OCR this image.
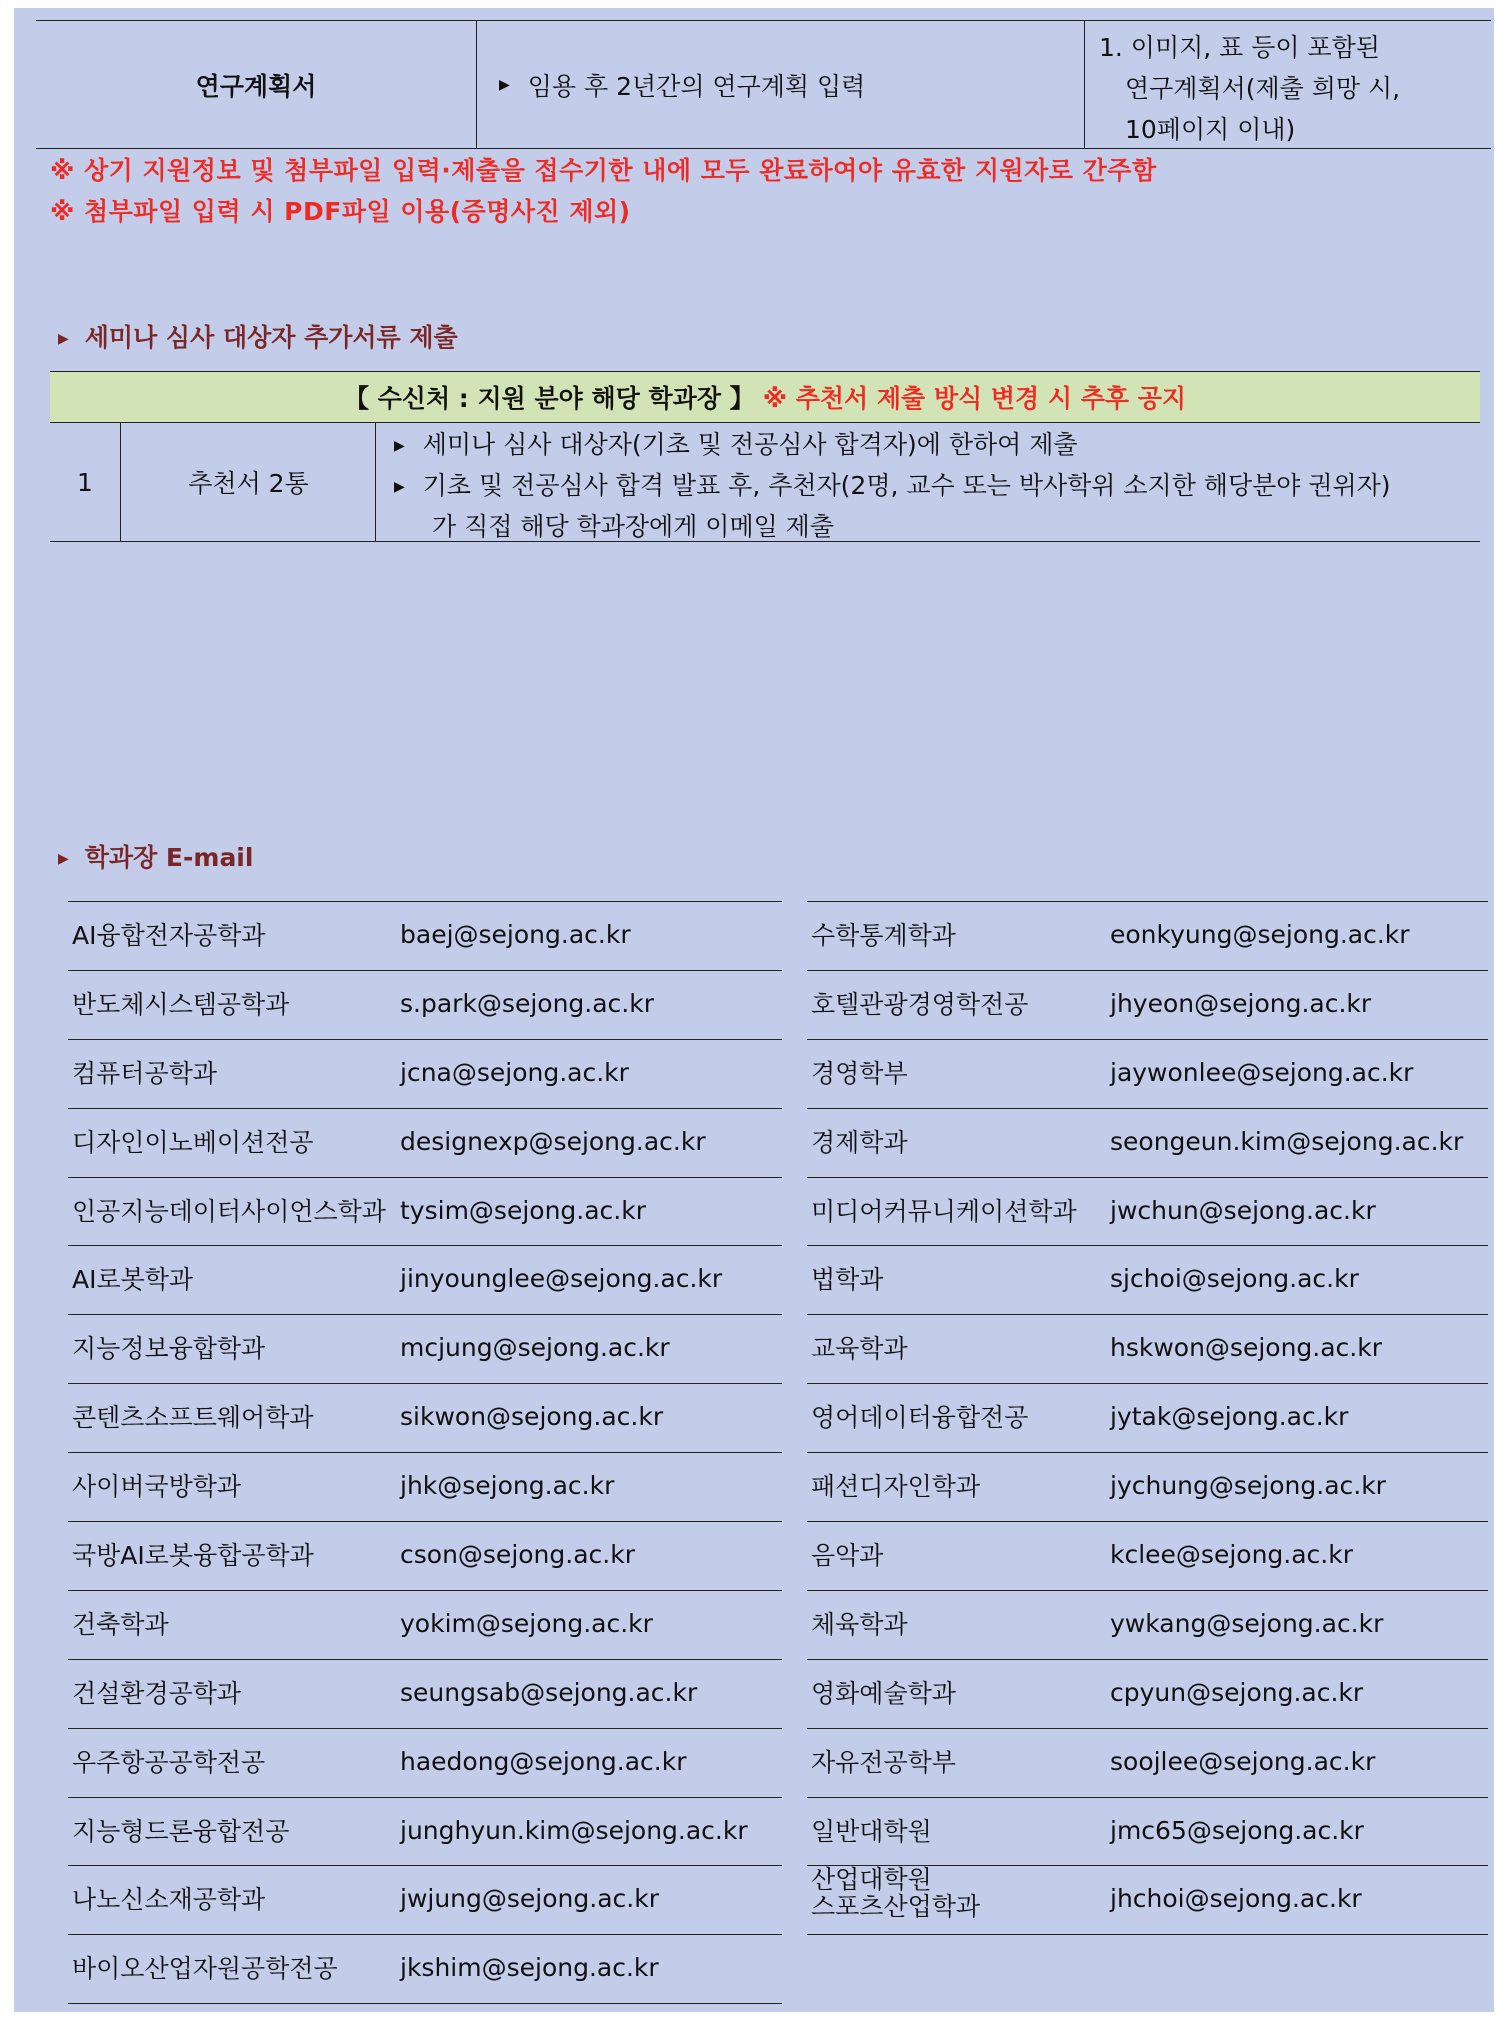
연구계획서	▶ 임용 후 2년간의 연구계획 입력
1. 이미지, 표 등이 포함된
연구계획서(제출 희망 시,
10페이지 이내)
※ 상기 지원정보 및 첨부파일 입력·제출을 접수기한 내에 모두 완료하여야 유효한 지원자로 간주함
※ 첨부파일 입력 시 PDF파일 이용(증명사진 제외)
▶ 세미나 심사 대상자 추가서류 제출
【 수신처 : 지원 분야 해당 학과장 】 ※ 추천서 제출 방식 변경 시 추후 공지
1	추천서 2통
▶ 세미나 심사 대상자(기초 및 전공심사 합격자)에 한하여 제출
▶ 기초 및 전공심사 합격 발표 후, 추천자(2명, 교수 또는 박사학위 소지한 해당분야 권위자)
가 직접 해당 학과장에게 이메일 제출
▶ 학과장 E-mail
AI융합전자공학과	baej@sejong.ac.kr
반도체시스템공학과	s.park@sejong.ac.kr
컴퓨터공학과	jcna@sejong.ac.kr
디자인이노베이션전공	designexp@sejong.ac.kr
인공지능데이터사이언스학과 tysim@sejong.ac.kr
AI로봇학과	jinyounglee@sejong.ac.kr
지능정보융합학과	mcjung@sejong.ac.kr
콘텐츠소프트웨어학과	sikwon@sejong.ac.kr
사이버국방학과	jhk@sejong.ac.kr
국방AI로봇융합공학과	cson@sejong.ac.kr
건축학과	yokim@sejong.ac.kr
건설환경공학과	seungsab@sejong.ac.kr
우주항공공학전공	haedong@sejong.ac.kr
지능형드론융합전공	junghyun.kim@sejong.ac.kr
나노신소재공학과	jwjung@sejong.ac.kr
바이오산업자원공학전공 jkshim@sejong.ac.kr
수학통계학과	eonkyung@sejong.ac.kr
호텔관광경영학전공	jhyeon@sejong.ac.kr
경영학부	jaywonlee@sejong.ac.kr
경제학과	seongeun.kim@sejong.ac.kr
미디어커뮤니케이션학과 jwchun@sejong.ac.kr
법학과	sjchoi@sejong.ac.kr
교육학과	hskwon@sejong.ac.kr
영어데이터융합전공	jytak@sejong.ac.kr
패션디자인학과	jychung@sejong.ac.kr
음악과	kclee@sejong.ac.kr
체육학과	ywkang@sejong.ac.kr
영화예술학과	cpyun@sejong.ac.kr
자유전공학부	soojlee@sejong.ac.kr
일반대학원	jmc65@sejong.ac.kr
산업대학원
스포츠산업학과	jhchoi@sejong.ac.kr
